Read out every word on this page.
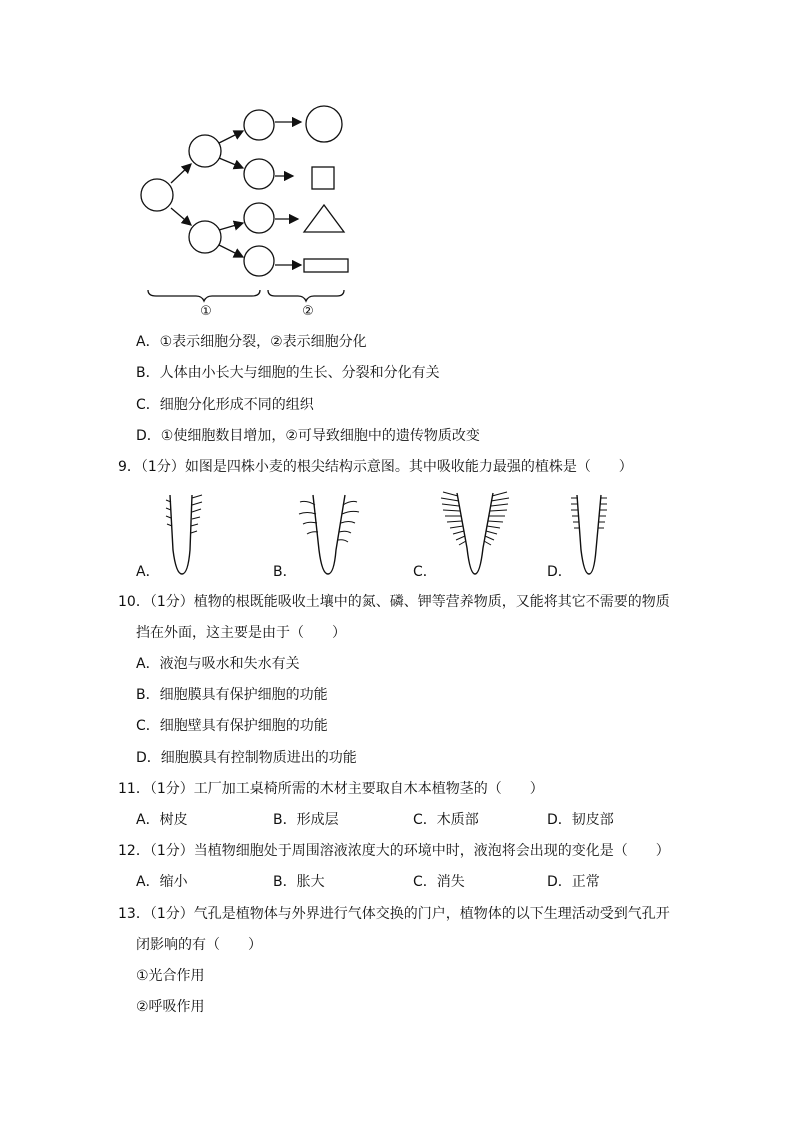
①	②
A．①表示细胞分裂，②表示细胞分化
B．人体由小长大与细胞的生长、分裂和分化有关
C．细胞分化形成不同的组织
D．①使细胞数目增加，②可导致细胞中的遗传物质改变
9．（1分）如图是四株小麦的根尖结构示意图。其中吸收能力最强的植株是（　　）
A．	B．	C．	D．
10．（1分）植物的根既能吸收土壤中的氮、磷、钾等营养物质，又能将其它不需要的物质
挡在外面，这主要是由于（　　）
A．液泡与吸水和失水有关
B．细胞膜具有保护细胞的功能
C．细胞壁具有保护细胞的功能
D．细胞膜具有控制物质进出的功能
11．（1分）工厂加工桌椅所需的木材主要取自木本植物茎的（　　）
A．树皮	B．形成层	C．木质部	D．韧皮部
12．（1分）当植物细胞处于周围溶液浓度大的环境中时，液泡将会出现的变化是（　　）
A．缩小	B．胀大	C．消失	D．正常
13．（1分）气孔是植物体与外界进行气体交换的门户，植物体的以下生理活动受到气孔开
闭影响的有（　　）
①光合作用
②呼吸作用
